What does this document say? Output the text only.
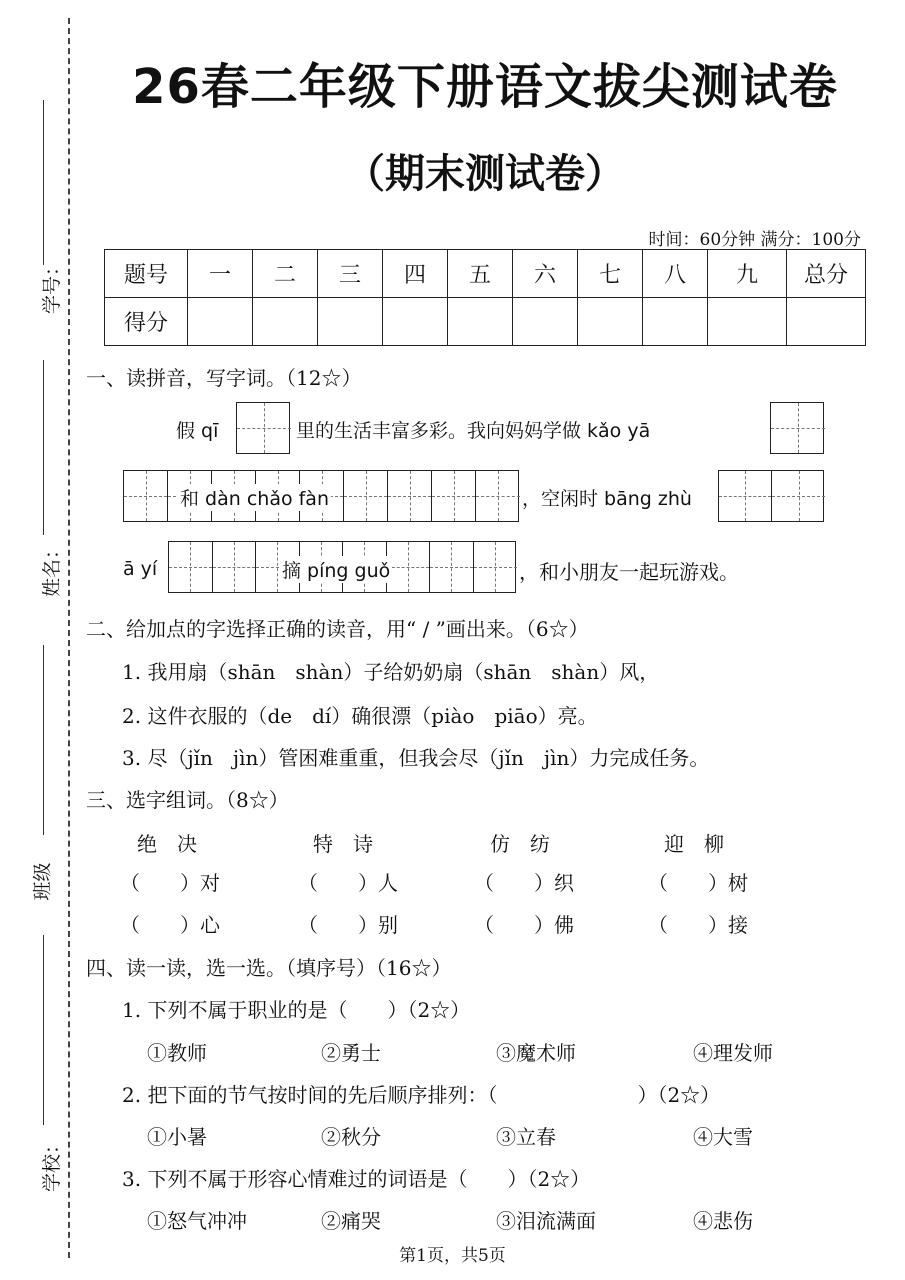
学号：
姓名：
班级
学校：
26春二年级下册语文拔尖测试卷
（期末测试卷）
时间：60分钟 满分：100分
题号	一	二	三	四	五	六	七	八	九	总分
得分										
一、读拼音，写字词。（12☆）
假 qī	里的生活丰富多彩。我向妈妈学做 kǎo yā
和 dàn chǎo fàn	，空闲时 bāng zhù
ā yí	摘 píng guǒ	，和小朋友一起玩游戏。
二、给加点的字选择正确的读音，用“ / ”画出来。（6☆）
1. 我用扇（shān　shàn）子给奶奶扇（shān　shàn）风，
2. 这件衣服的（de　dí）确很漂（piào　piāo）亮。
3. 尽（jǐn　jìn）管困难重重，但我会尽（jǐn　jìn）力完成任务。
三、选字组词。（8☆）
绝　决	特　诗	仿　纺	迎　柳
（　　）对	（　　）人	（　　）织	（　　）树
（　　）心	（　　）别	（　　）佛	（　　）接
四、读一读，选一选。（填序号）（16☆）
1. 下列不属于职业的是（　　）（2☆）
①教师	②勇士	③魔术师	④理发师
2. 把下面的节气按时间的先后顺序排列：（　　　　　　　）（2☆）
①小暑	②秋分	③立春	④大雪
3. 下列不属于形容心情难过的词语是（　　）（2☆）
①怒气冲冲	②痛哭	③泪流满面	④悲伤
第1页，共5页
